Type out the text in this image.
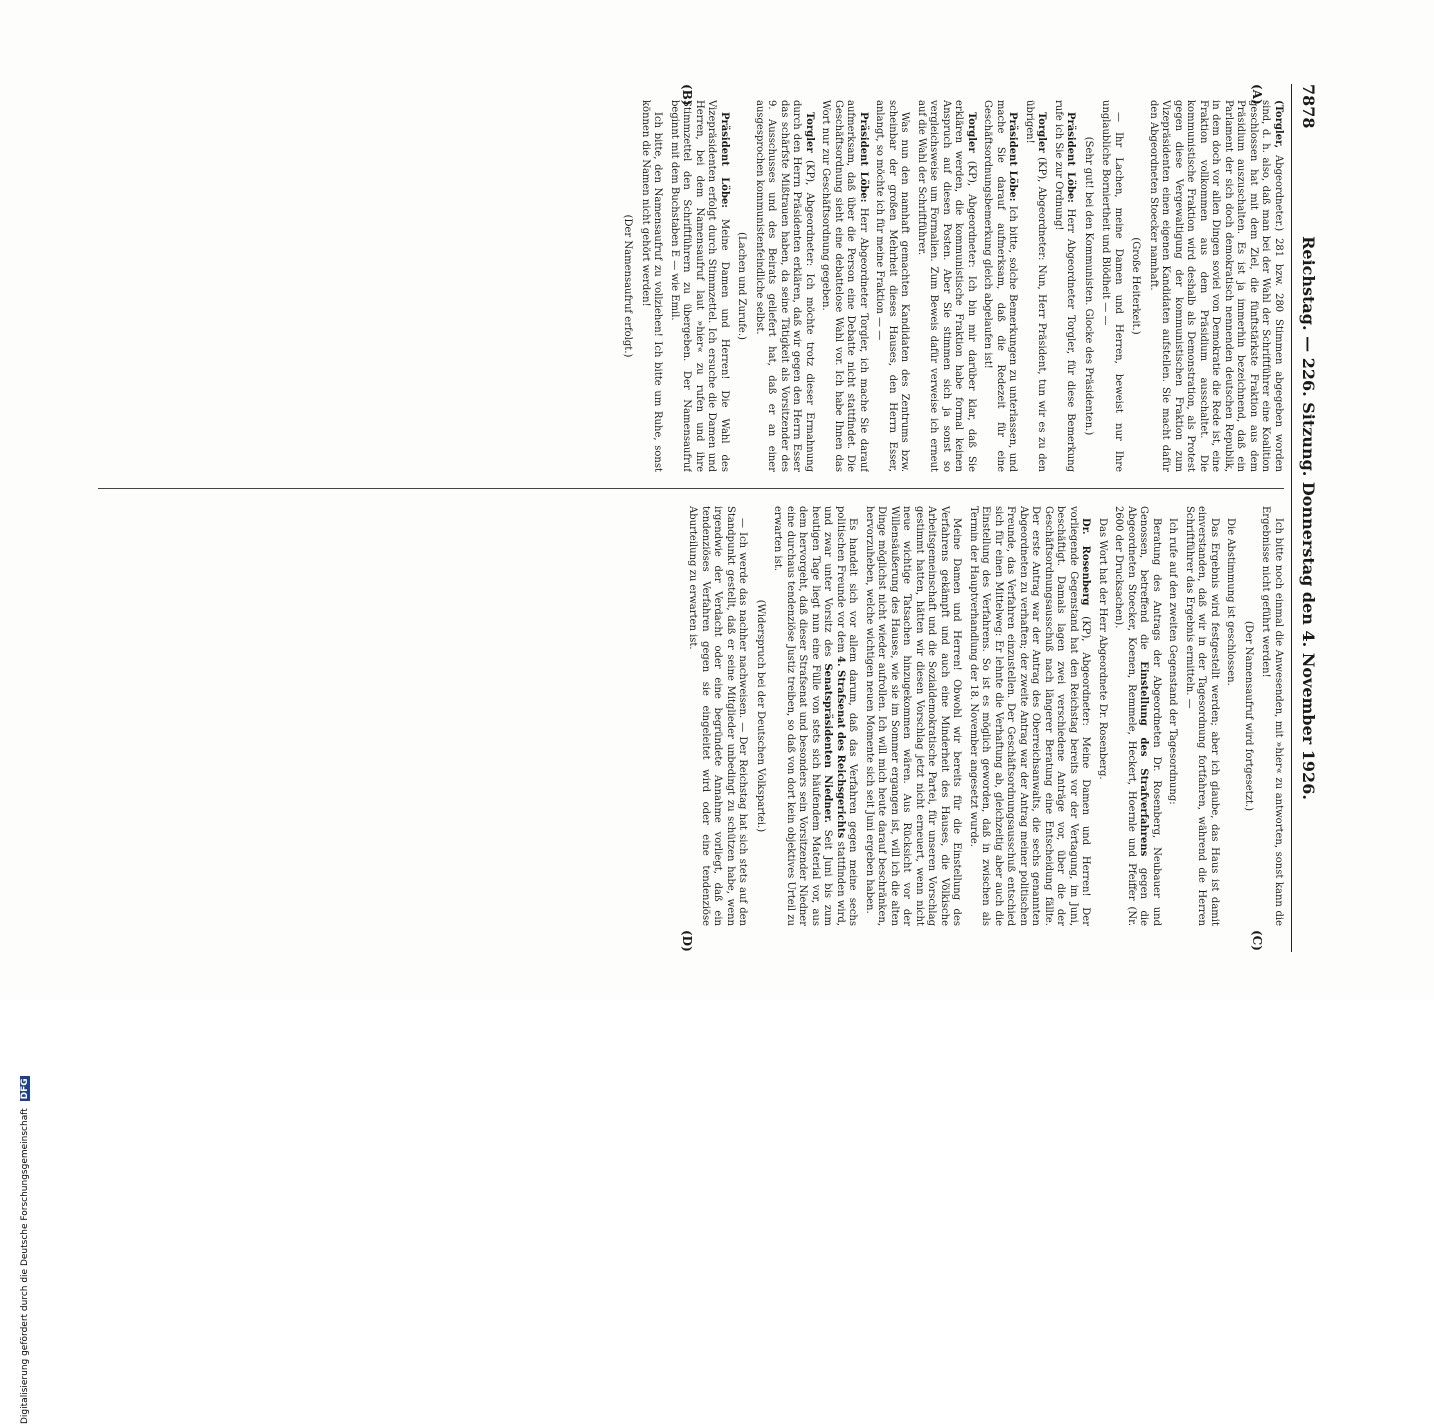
7878
Reichstag. — 226. Sitzung. Donnerstag den 4. November 1926.
(A)
(B)
(C)
(D)

(Torgler, Abgeordneter.) 281 bzw. 280 Stimmen abgegeben worden sind, d. h. also, daß man bei der Wahl der Schriftführer eine Koalition geschlossen hat mit dem Ziel, die fünftstärkste Fraktion aus dem Präsidium auszuschalten. Es ist ja immerhin bezeichnend, daß ein Parlament der sich doch demokratisch nennenden deutschen Republik, in dem doch vor allen Dingen soviel von Demokratie die Rede ist, eine Fraktion vollkommen aus dem Präsidium ausschaltet. Die kommunistische Fraktion wird deshalb als Demonstration, als Protest gegen diese Vergewaltigung der kommunistischen Fraktion zum Vizepräsidenten einen eigenen Kandidaten aufstellen. Sie macht dafür den Abgeordneten Stoecker namhaft.

(Große Heiterkeit.)

— Ihr Lachen, meine Damen und Herren, beweist nur Ihre unglaubliche Borniertheit und Blödheit — —

(Sehr gut! bei den Kommunisten. Glocke des Präsidenten.)

Präsident Löbe: Herr Abgeordneter Torgler, für diese Bemerkung rufe ich Sie zur Ordnung!

Torgler (KP), Abgeordneter: Nun, Herr Präsident, tun wir es zu den übrigen!

Präsident Löbe: Ich bitte, solche Bemerkungen zu unterlassen, und mache Sie darauf aufmerksam, daß die Redezeit für eine Geschäftsordnungsbemerkung gleich abgelaufen ist!

Torgler (KP), Abgeordneter: Ich bin mir darüber klar, daß Sie erklären werden, die kommunistische Fraktion habe formal keinen Anspruch auf diesen Posten. Aber Sie stimmen sich ja sonst so vergleichsweise um Formalien. Zum Beweis dafür verweise ich erneut auf die Wahl der Schriftführer.

Was nun den namhaft gemachten Kandidaten des Zentrums bzw. scheinbar der großen Mehrheit dieses Hauses, den Herrn Esser, anlangt, so möchte ich für meine Fraktion — —

Präsident Löbe: Herr Abgeordneter Torgler, ich mache Sie darauf aufmerksam, daß über die Person eine Debatte nicht stattfindet. Die Geschäftsordnung sieht eine debattelose Wahl vor. Ich habe Ihnen das Wort nur zur Geschäftsordnung gegeben.

Torgler (KP), Abgeordneter: Ich möchte trotz dieser Ermahnung durch den Herrn Präsidenten erklären, daß wir gegen den Herrn Esser das schärfste Mißtrauen haben, da seine Tätigkeit als Vorsitzender des 9. Ausschusses und des Beirats geliefert hat, daß er an einer ausgesprochen kommunistenfeindliche selbst.

(Lachen und Zurufe.)

Präsident Löbe: Meine Damen und Herren! Die Wahl des Vizepräsidenten erfolgt durch Stimmzettel. Ich ersuche die Damen und Herren, bei dem Namensaufruf laut »hier« zu rufen und ihre Stimmzettel den Schriftführern zu übergeben. Der Namensaufruf beginnt mit dem Buchstaben E — wie Emil.

Ich bitte, den Namensaufruf zu vollziehen! Ich bitte um Ruhe, sonst können die Namen nicht gehört werden!

(Der Namensaufruf erfolgt.)

Ich bitte noch einmal die Anwesenden, mit »hier« zu antworten, sonst kann die Ergebnisse nicht geführt werden!

(Der Namensaufruf wird fortgesetzt.)

Die Abstimmung ist geschlossen.

Das Ergebnis wird festgestellt werden; aber ich glaube, das Haus ist damit einverstanden, daß wir in der Tagesordnung fortfahren, während die Herren Schriftführer das Ergebnis ermitteln. —

Ich rufe auf den zweiten Gegenstand der Tagesordnung:

Beratung des Antrags der Abgeordneten Dr. Rosenberg, Neubauer und Genossen, betreffend die Einstellung des Strafverfahrens gegen die Abgeordneten Stoecker, Koenen, Remmele, Heckert, Hoernle und Pfeiffer (Nr. 2600 der Drucksachen).

Das Wort hat der Herr Abgeordnete Dr. Rosenberg.

Dr. Rosenberg (KP), Abgeordneter: Meine Damen und Herren! Der vorliegende Gegenstand hat den Reichstag bereits vor der Vertagung, im Juni, beschäftigt. Damals lagen zwei verschiedene Anträge vor, über die der Geschäftsordnungsausschuß nach längerer Beratung eine Entscheidung fällte. Der erste Antrag war der Antrag des Oberreichsanwalts, die sechs genannten Abgeordneten zu verhaften; der zweite Antrag war der Antrag meiner politischen Freunde, das Verfahren einzustellen. Der Geschäftsordnungsausschuß entschied sich für einen Mittelweg: Er lehnte die Verhaftung ab, gleichzeitig aber auch die Einstellung des Verfahrens. So ist es möglich geworden, daß in zwischen als Termin der Hauptverhandlung der 18. November angesetzt wurde.

Meine Damen und Herren! Obwohl wir bereits für die Einstellung des Verfahrens gekämpft und auch eine Minderheit des Hauses, die Völkische Arbeitsgemeinschaft und die Sozialdemokratische Partei, für unseren Vorschlag gestimmt hatten, hätten wir diesen Vorschlag jetzt nicht erneuert, wenn nicht neue wichtige Tatsachen hinzugekommen wären. Aus Rücksicht vor der Willensäußerung des Hauses, wie sie im Sommer ergangen ist, will ich die alten Dinge möglichst nicht wieder aufrollen. Ich will mich heute darauf beschränken, hervorzuheben, welche wichtigen neuen Momente sich seit Juni ergeben haben.

Es handelt sich vor allem darum, daß das Verfahren gegen meine sechs politischen Freunde vor dem 4. Strafsenat des Reichsgerichts stattfinden wird, und zwar unter Vorsitz des Senatspräsidenten Niedner. Seit Juni bis zum heutigen Tage liegt nun eine Fülle von stets sich häufendem Material vor, aus dem hervorgeht, daß dieser Strafsenat und besonders sein Vorsitzender Niedner eine durchaus tendenziöse Justiz treiben, so daß von dort kein objektives Urteil zu erwarten ist.

(Widerspruch bei der Deutschen Volkspartei.)

— Ich werde das nachher nachweisen. — Der Reichstag hat sich stets auf den Standpunkt gestellt, daß er seine Mitglieder unbedingt zu schützen habe, wenn irgendwie der Verdacht oder eine begründete Annahme vorliegt, daß ein tendenziöses Verfahren gegen sie eingeleitet wird oder eine tendenziöse Aburteilung zu erwarten ist.

Digitalisierung gefördert durch die Deutsche Forschungsgemeinschaft DFG
